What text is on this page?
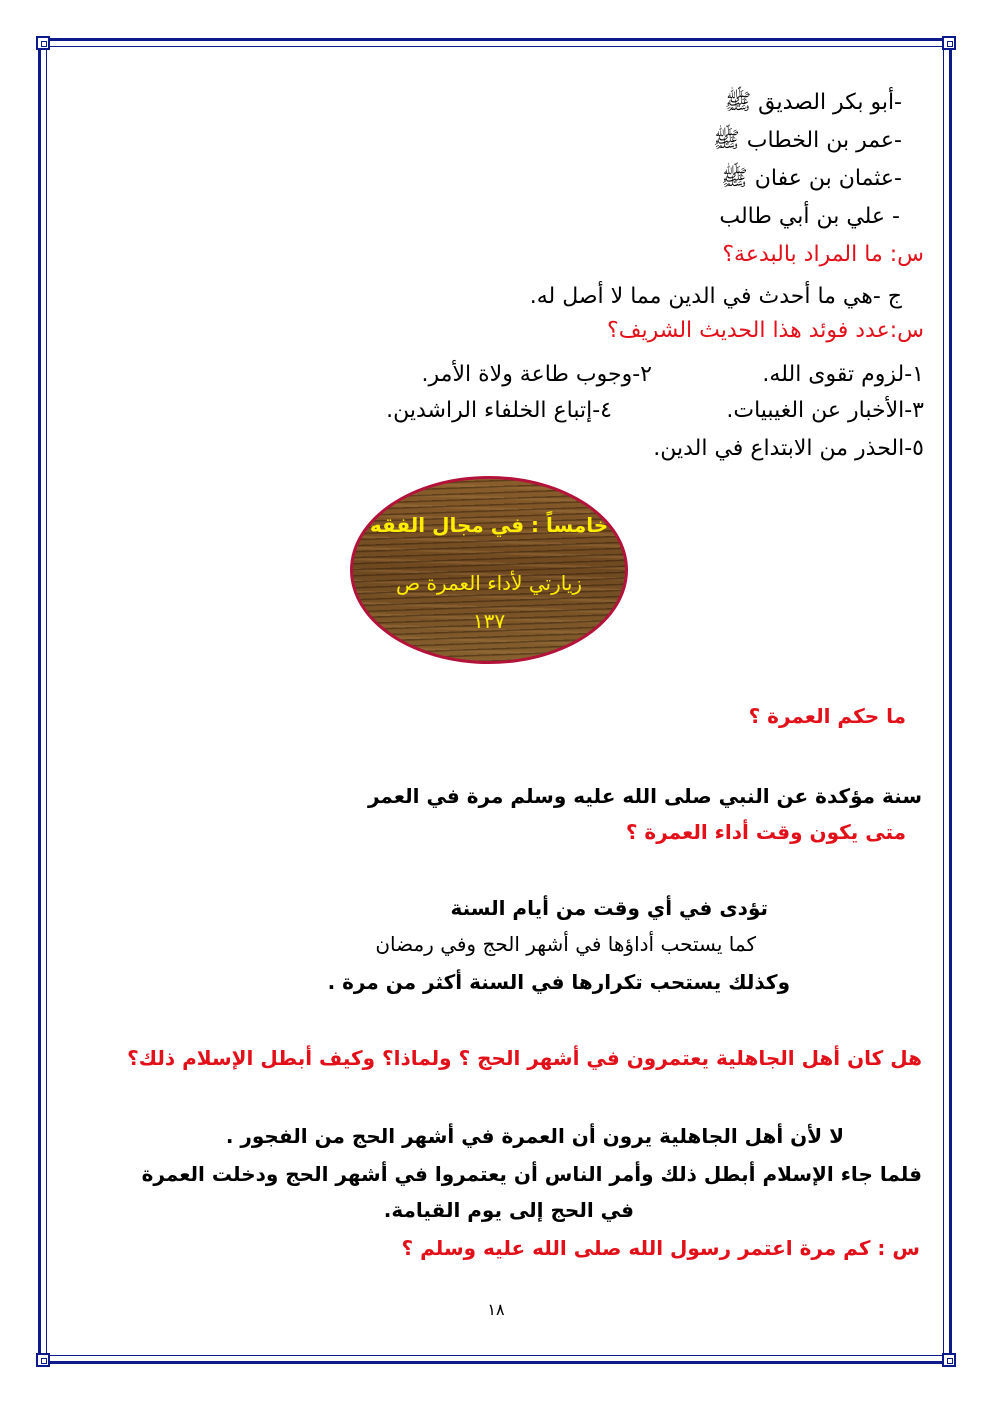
-أبو بكر الصديق ﷺ
-عمر بن الخطاب ﷺ
-عثمان بن عفان ﷺ
- علي بن أبي طالب
س: ما المراد بالبدعة؟
ج -هي ما أحدث في الدين مما لا أصل له.
س:عدد فوئد هذا الحديث الشريف؟
١-لزوم تقوى الله.
٢-وجوب طاعة ولاة الأمر.
٣-الأخبار عن الغيبيات.
٤-إتباع الخلفاء الراشدين.
٥-الحذر من الابتداع في الدين.
خامساً : في مجال الفقه
زيارتي لأداء العمرة ص
١٣٧
ما حكم العمرة ؟
سنة مؤكدة عن النبي صلى الله عليه وسلم مرة في العمر
متى يكون وقت أداء العمرة ؟
تؤدى في أي وقت من أيام السنة
كما يستحب أداؤها في أشهر الحج وفي رمضان
وكذلك يستحب تكرارها في السنة أكثر من مرة .
هل كان أهل الجاهلية يعتمرون في أشهر الحج ؟ ولماذا؟ وكيف أبطل الإسلام ذلك؟
لا لأن أهل الجاهلية يرون أن العمرة في أشهر الحج من الفجور .
فلما جاء الإسلام أبطل ذلك وأمر الناس أن يعتمروا في أشهر الحج ودخلت العمرة
في الحج إلى يوم القيامة.
س : كم مرة اعتمر رسول الله صلى الله عليه وسلم ؟
١٨
